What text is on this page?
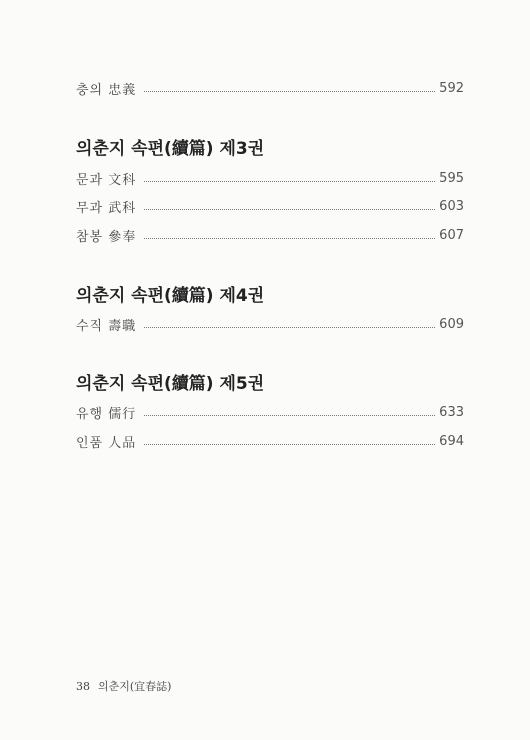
충의 忠義	592
의춘지 속편(續篇) 제3권
문과 文科	595
무과 武科	603
참봉 參奉	607
의춘지 속편(續篇) 제4권
수직 壽職	609
의춘지 속편(續篇) 제5권
유행 儒行	633
인품 人品	694
38 의춘지(宜春誌)
